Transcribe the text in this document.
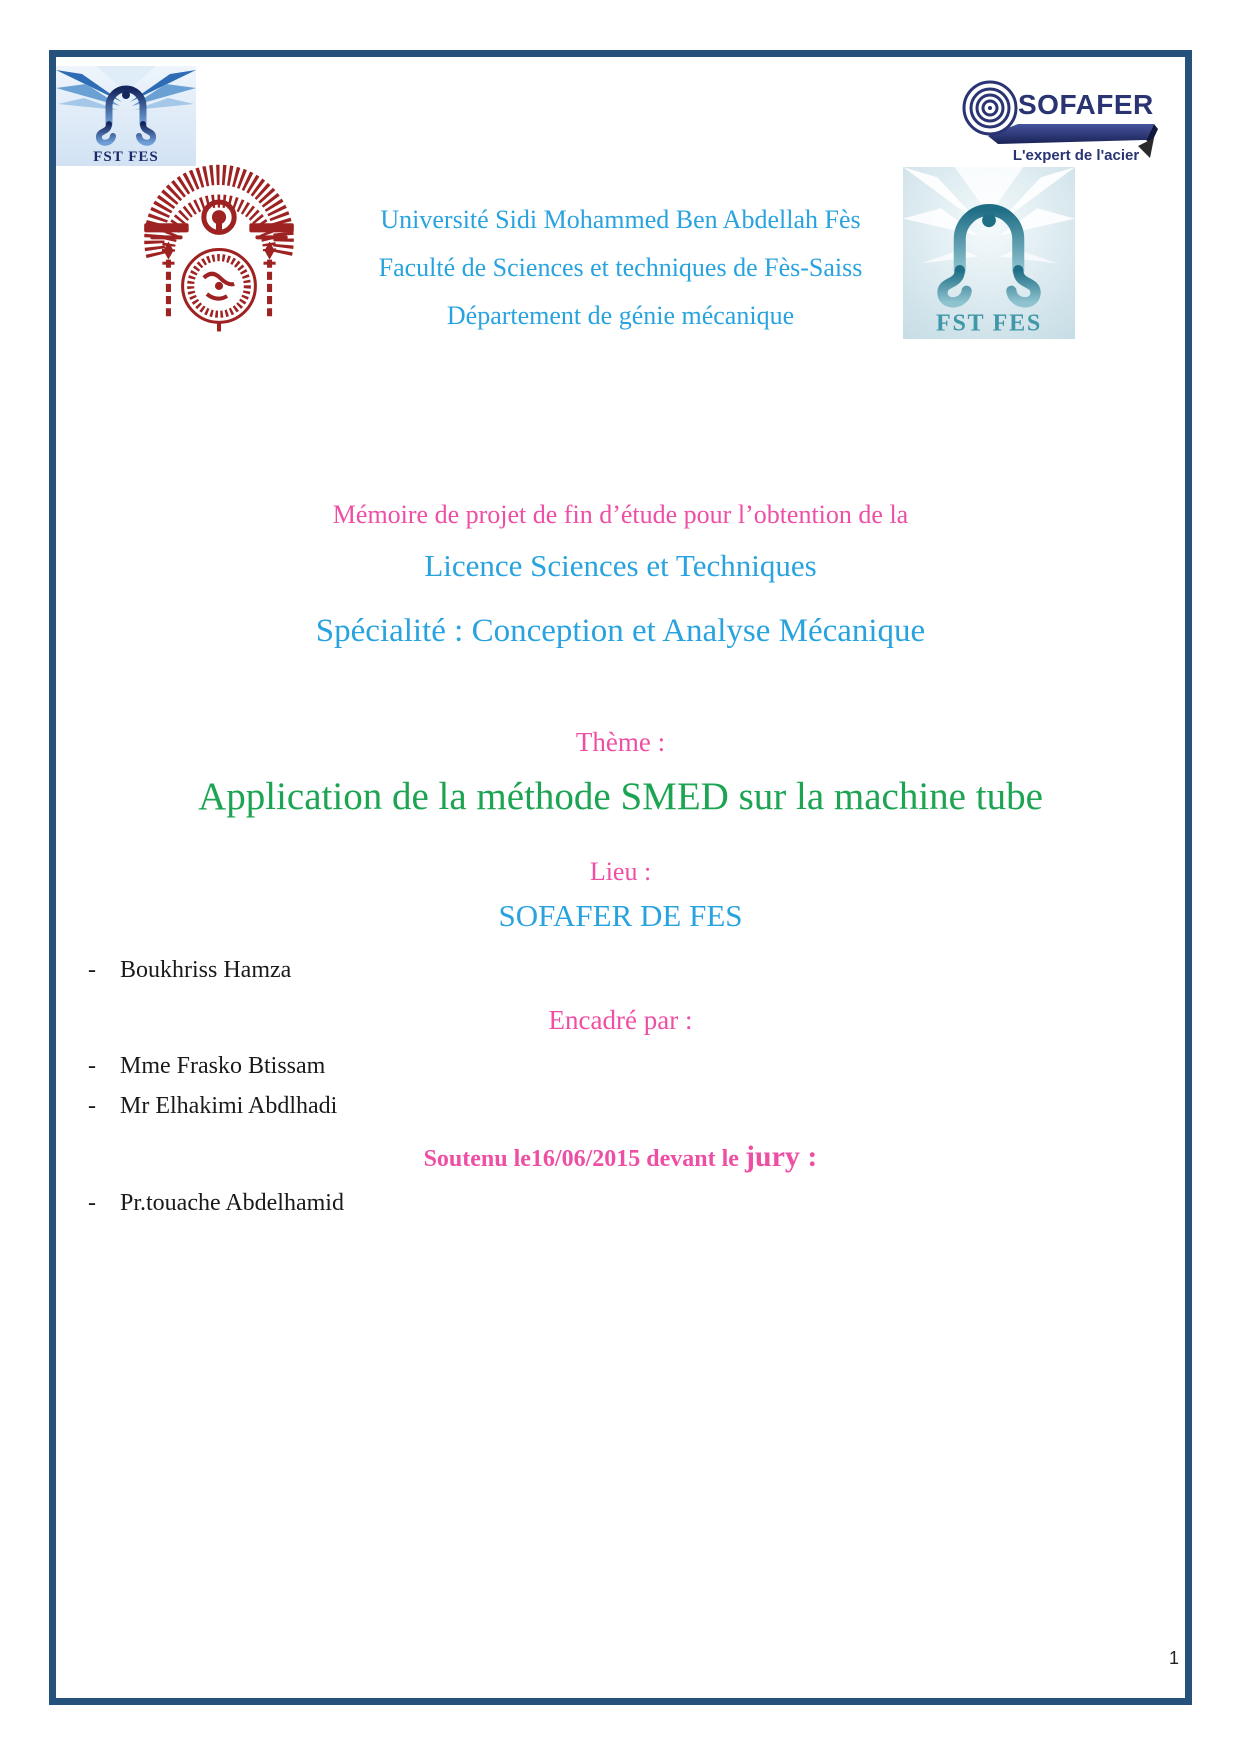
FST FES
SOFAFER
L'expert de l'acier
FST FES
Université Sidi Mohammed Ben Abdellah Fès
Faculté de Sciences et techniques de Fès-Saiss
Département de génie mécanique
Mémoire de projet de fin d’étude pour l’obtention de la
Licence Sciences et Techniques
Spécialité : Conception et Analyse Mécanique
Thème :
Application de la méthode SMED sur la machine tube
Lieu :
SOFAFER DE FES
- Boukhriss Hamza
Encadré par :
- Mme Frasko Btissam
- Mr Elhakimi Abdlhadi
Soutenu le16/06/2015 devant le jury :
- Pr.touache Abdelhamid
1
